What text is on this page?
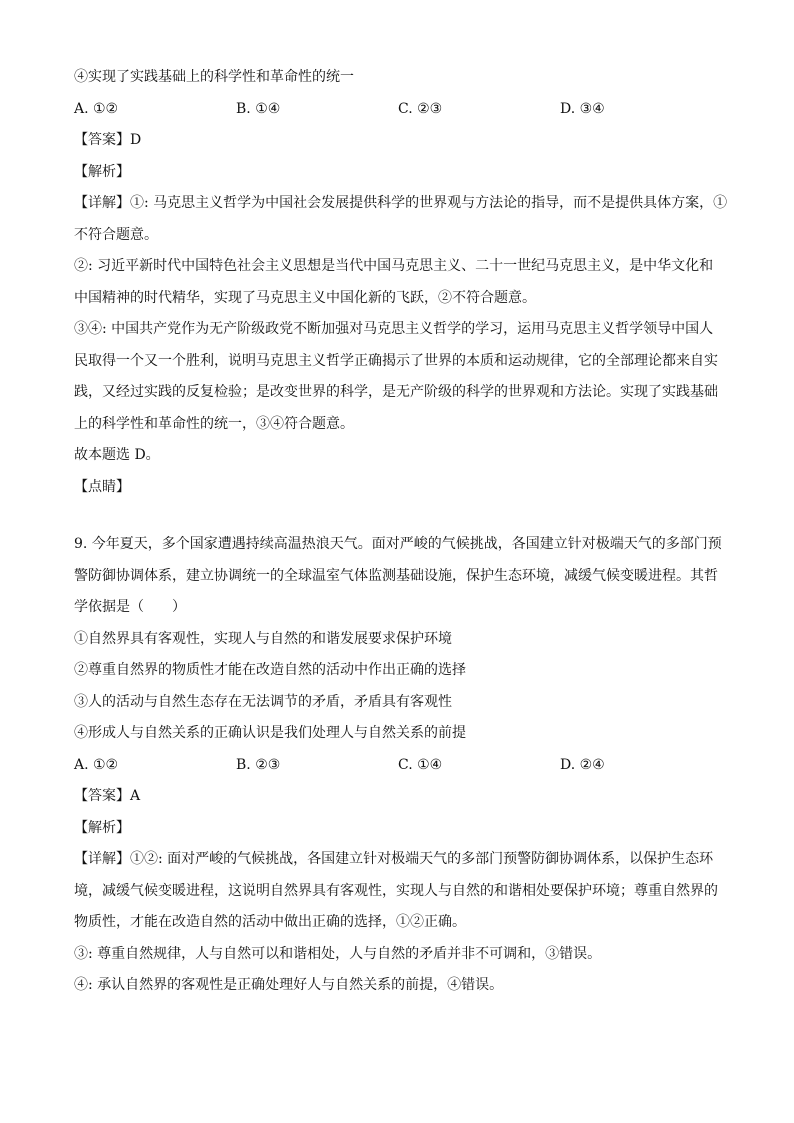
④实现了实践基础上的科学性和革命性的统一
A. ①②	B. ①④	C. ②③	D. ③④
【答案】D
【解析】
【详解】①: 马克思主义哲学为中国社会发展提供科学的世界观与方法论的指导，而不是提供具体方案，①
不符合题意。
②: 习近平新时代中国特色社会主义思想是当代中国马克思主义、二十一世纪马克思主义，是中华文化和
中国精神的时代精华，实现了马克思主义中国化新的飞跃，②不符合题意。
③④: 中国共产党作为无产阶级政党不断加强对马克思主义哲学的学习，运用马克思主义哲学领导中国人
民取得一个又一个胜利，说明马克思主义哲学正确揭示了世界的本质和运动规律，它的全部理论都来自实
践，又经过实践的反复检验；是改变世界的科学，是无产阶级的科学的世界观和方法论。实现了实践基础
上的科学性和革命性的统一，③④符合题意。
故本题选 D。
【点睛】
9. 今年夏天，多个国家遭遇持续高温热浪天气。面对严峻的气候挑战，各国建立针对极端天气的多部门预
警防御协调体系，建立协调统一的全球温室气体监测基础设施，保护生态环境，减缓气候变暖进程。其哲
学依据是（　　）
①自然界具有客观性，实现人与自然的和谐发展要求保护环境
②尊重自然界的物质性才能在改造自然的活动中作出正确的选择
③人的活动与自然生态存在无法调节的矛盾，矛盾具有客观性
④形成人与自然关系的正确认识是我们处理人与自然关系的前提
A. ①②	B. ②③	C. ①④	D. ②④
【答案】A
【解析】
【详解】①②: 面对严峻的气候挑战，各国建立针对极端天气的多部门预警防御协调体系，以保护生态环
境，减缓气候变暖进程，这说明自然界具有客观性，实现人与自然的和谐相处要保护环境；尊重自然界的
物质性，才能在改造自然的活动中做出正确的选择，①②正确。
③: 尊重自然规律，人与自然可以和谐相处，人与自然的矛盾并非不可调和，③错误。
④: 承认自然界的客观性是正确处理好人与自然关系的前提，④错误。
